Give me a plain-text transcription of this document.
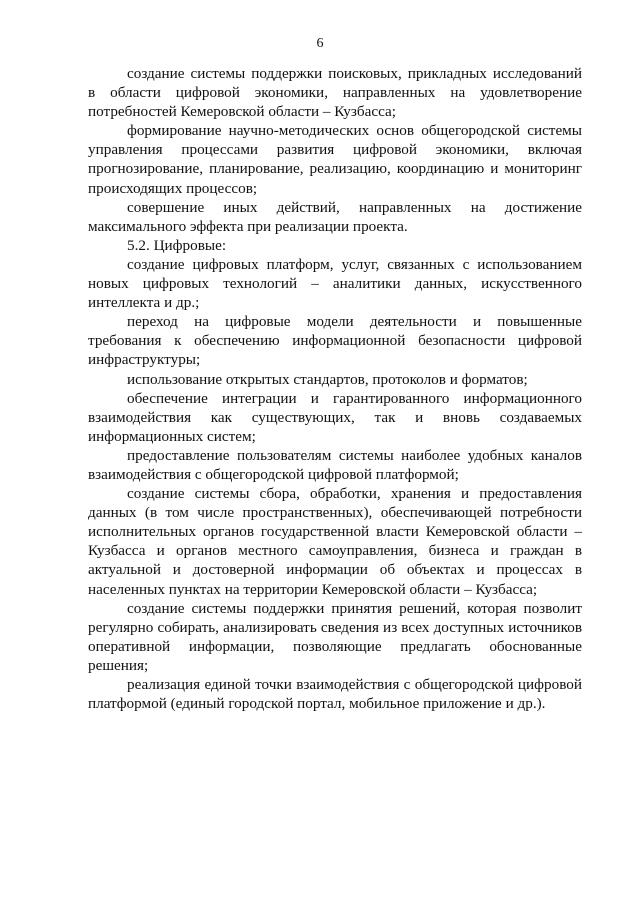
6

создание системы поддержки поисковых, прикладных исследований в области цифровой экономики, направленных на удовлетворение потребностей Кемеровской области – Кузбасса;

формирование научно-методических основ общегородской системы управления процессами развития цифровой экономики, включая прогнозирование, планирование, реализацию, координацию и мониторинг происходящих процессов;

совершение иных действий, направленных на достижение максимального эффекта при реализации проекта.

5.2. Цифровые:

создание цифровых платформ, услуг, связанных с использованием новых цифровых технологий – аналитики данных, искусственного интеллекта и др.;

переход на цифровые модели деятельности и повышенные требования к обеспечению информационной безопасности цифровой инфраструктуры;

использование открытых стандартов, протоколов и форматов;

обеспечение интеграции и гарантированного информационного взаимодействия как существующих, так и вновь создаваемых информационных систем;

предоставление пользователям системы наиболее удобных каналов взаимодействия с общегородской цифровой платформой;

создание системы сбора, обработки, хранения и предоставления данных (в том числе пространственных), обеспечивающей потребности исполнительных органов государственной власти Кемеровской области – Кузбасса и органов местного самоуправления, бизнеса и граждан в актуальной и достоверной информации об объектах и процессах в населенных пунктах на территории Кемеровской области – Кузбасса;

создание системы поддержки принятия решений, которая позволит регулярно собирать, анализировать сведения из всех доступных источников оперативной информации, позволяющие предлагать обоснованные решения;

реализация единой точки взаимодействия с общегородской цифровой платформой (единый городской портал, мобильное приложение и др.).
